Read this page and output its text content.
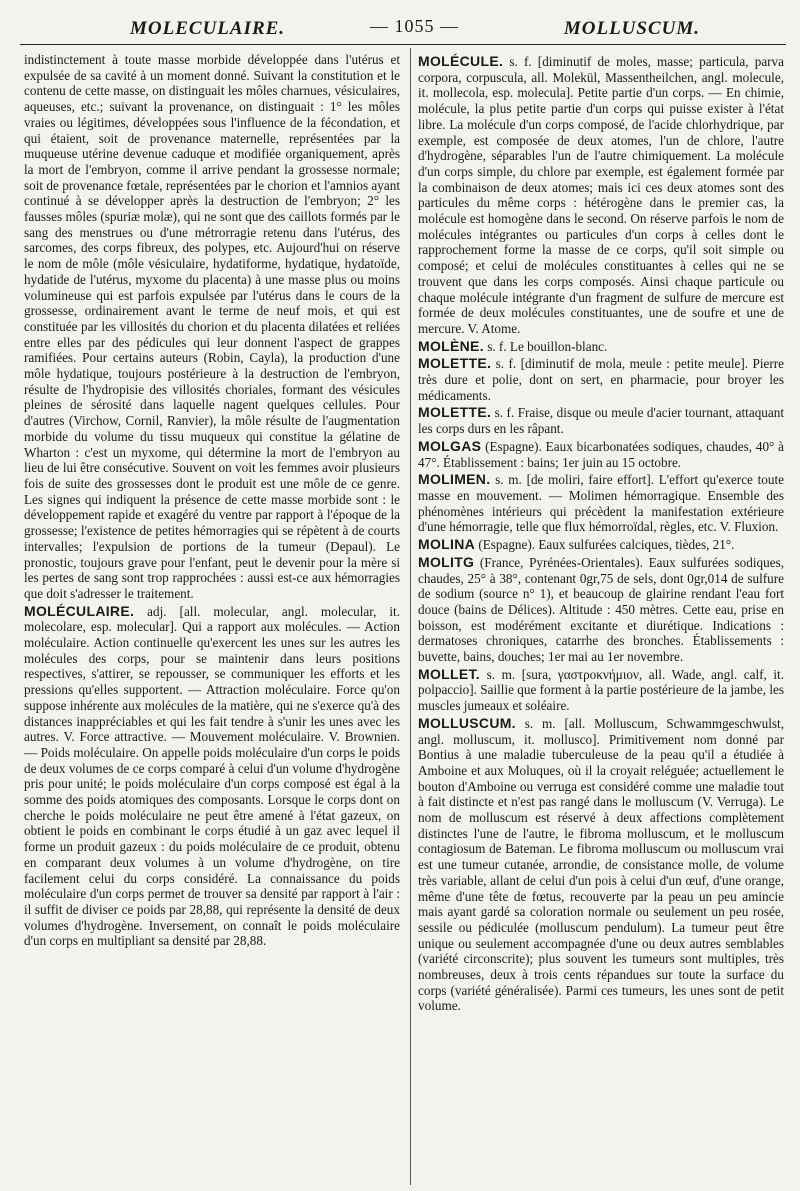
MOLECULAIRE.	— 1055 —	MOLLUSCUM.

indistinctement à toute masse morbide développée dans l'utérus et expulsée de sa cavité à un moment donné. Suivant la constitution et le contenu de cette masse, on distinguait les môles charnues, vésiculaires, aqueuses, etc.; suivant la provenance, on distinguait : 1° les môles vraies ou légitimes, développées sous l'influence de la fécondation, et qui étaient, soit de provenance maternelle, représentées par la muqueuse utérine devenue caduque et modifiée organiquement, après la mort de l'embryon, comme il arrive pendant la grossesse normale; soit de provenance fœtale, représentées par le chorion et l'amnios ayant continué à se développer après la destruction de l'embryon; 2° les fausses môles (spuriæ molæ), qui ne sont que des caillots formés par le sang des menstrues ou d'une métrorragie retenu dans l'utérus, des sarcomes, des corps fibreux, des polypes, etc. Aujourd'hui on réserve le nom de môle (môle vésiculaire, hydatiforme, hydatique, hydatoïde, hydatide de l'utérus, myxome du placenta) à une masse plus ou moins volumineuse qui est parfois expulsée par l'utérus dans le cours de la grossesse, ordinairement avant le terme de neuf mois, et qui est constituée par les villosités du chorion et du placenta dilatées et reliées entre elles par des pédicules qui leur donnent l'aspect de grappes ramifiées. Pour certains auteurs (Robin, Cayla), la production d'une môle hydatique, toujours postérieure à la destruction de l'embryon, résulte de l'hydropisie des villosités choriales, formant des vésicules pleines de sérosité dans laquelle nagent quelques cellules. Pour d'autres (Virchow, Cornil, Ranvier), la môle résulte de l'augmentation morbide du volume du tissu muqueux qui constitue la gélatine de Wharton : c'est un myxome, qui détermine la mort de l'embryon au lieu de lui être consécutive. Souvent on voit les femmes avoir plusieurs fois de suite des grossesses dont le produit est une môle de ce genre. Les signes qui indiquent la présence de cette masse morbide sont : le développement rapide et exagéré du ventre par rapport à l'époque de la grossesse; l'existence de petites hémorragies qui se répètent à de courts intervalles; l'expulsion de portions de la tumeur (Depaul). Le pronostic, toujours grave pour l'enfant, peut le devenir pour la mère si les pertes de sang sont trop rapprochées : aussi est-ce aux hémorragies que doit s'adresser le traitement.

MOLÉCULAIRE. adj. [all. molecular, angl. molecular, it. molecolare, esp. molecular]. Qui a rapport aux molécules. — Action moléculaire. Action continuelle qu'exercent les unes sur les autres les molécules des corps, pour se maintenir dans leurs positions respectives, s'attirer, se repousser, se communiquer les efforts et les pressions qu'elles supportent. — Attraction moléculaire. Force qu'on suppose inhérente aux molécules de la matière, qui ne s'exerce qu'à des distances inappréciables et qui les fait tendre à s'unir les unes avec les autres. V. Force attractive. — Mouvement moléculaire. V. Brownien. — Poids moléculaire. On appelle poids moléculaire d'un corps le poids de deux volumes de ce corps comparé à celui d'un volume d'hydrogène pris pour unité; le poids moléculaire d'un corps composé est égal à la somme des poids atomiques des composants. Lorsque le corps dont on cherche le poids moléculaire ne peut être amené à l'état gazeux, on obtient le poids en combinant le corps étudié à un gaz avec lequel il forme un produit gazeux : du poids moléculaire de ce produit, obtenu en comparant deux volumes à un volume d'hydrogène, on tire facilement celui du corps considéré. La connaissance du poids moléculaire d'un corps permet de trouver sa densité par rapport à l'air : il suffit de diviser ce poids par 28,88, qui représente la densité de deux volumes d'hydrogène. Inversement, on connaît le poids moléculaire d'un corps en multipliant sa densité par 28,88.

MOLÉCULE. s. f. [diminutif de moles, masse; particula, parva corpora, corpuscula, all. Molekül, Massentheilchen, angl. molecule, it. mollecola, esp. molecula]. Petite partie d'un corps. — En chimie, molécule, la plus petite partie d'un corps qui puisse exister à l'état libre. La molécule d'un corps composé, de l'acide chlorhydrique, par exemple, est composée de deux atomes, l'un de chlore, l'autre d'hydrogène, séparables l'un de l'autre chimiquement. La molécule d'un corps simple, du chlore par exemple, est également formée par la combinaison de deux atomes; mais ici ces deux atomes sont des particules du même corps : hétérogène dans le premier cas, la molécule est homogène dans le second. On réserve parfois le nom de molécules intégrantes ou particules d'un corps à celles dont le rapprochement forme la masse de ce corps, qu'il soit simple ou composé; et celui de molécules constituantes à celles qui ne se trouvent que dans les corps composés. Ainsi chaque particule ou chaque molécule intégrante d'un fragment de sulfure de mercure est formée de deux molécules constituantes, une de soufre et une de mercure. V. Atome.

MOLÈNE. s. f. Le bouillon-blanc.

MOLETTE. s. f. [diminutif de mola, meule : petite meule]. Pierre très dure et polie, dont on sert, en pharmacie, pour broyer les médicaments.

MOLETTE. s. f. Fraise, disque ou meule d'acier tournant, attaquant les corps durs en les râpant.

MOLGAS (Espagne). Eaux bicarbonatées sodiques, chaudes, 40° à 47°. Établissement : bains; 1er juin au 15 octobre.

MOLIMEN. s. m. [de moliri, faire effort]. L'effort qu'exerce toute masse en mouvement. — Molimen hémorragique. Ensemble des phénomènes intérieurs qui précèdent la manifestation extérieure d'une hémorragie, telle que flux hémorroïdal, règles, etc. V. Fluxion.

MOLINA (Espagne). Eaux sulfurées calciques, tièdes, 21°.

MOLITG (France, Pyrénées-Orientales). Eaux sulfurées sodiques, chaudes, 25° à 38°, contenant 0gr,75 de sels, dont 0gr,014 de sulfure de sodium (source n° 1), et beaucoup de glairine rendant l'eau fort douce (bains de Délices). Altitude : 450 mètres. Cette eau, prise en boisson, est modérément excitante et diurétique. Indications : dermatoses chroniques, catarrhe des bronches. Établissements : buvette, bains, douches; 1er mai au 1er novembre.

MOLLET. s. m. [sura, γαστροκνήμιον, all. Wade, angl. calf, it. polpaccio]. Saillie que forment à la partie postérieure de la jambe, les muscles jumeaux et soléaire.

MOLLUSCUM. s. m. [all. Molluscum, Schwammgeschwulst, angl. molluscum, it. mollusco]. Primitivement nom donné par Bontius à une maladie tuberculeuse de la peau qu'il a étudiée à Amboine et aux Moluques, où il la croyait reléguée; actuellement le bouton d'Amboine ou verruga est considéré comme une maladie tout à fait distincte et n'est pas rangé dans le molluscum (V. Verruga). Le nom de molluscum est réservé à deux affections complètement distinctes l'une de l'autre, le fibroma molluscum, et le molluscum contagiosum de Bateman. Le fibroma molluscum ou molluscum vrai est une tumeur cutanée, arrondie, de consistance molle, de volume très variable, allant de celui d'un pois à celui d'un œuf, d'une orange, même d'une tête de fœtus, recouverte par la peau un peu amincie mais ayant gardé sa coloration normale ou seulement un peu rosée, sessile ou pédiculée (molluscum pendulum). La tumeur peut être unique ou seulement accompagnée d'une ou deux autres semblables (variété circonscrite); plus souvent les tumeurs sont multiples, très nombreuses, deux à trois cents répandues sur toute la surface du corps (variété généralisée). Parmi ces tumeurs, les unes sont de petit volume.
